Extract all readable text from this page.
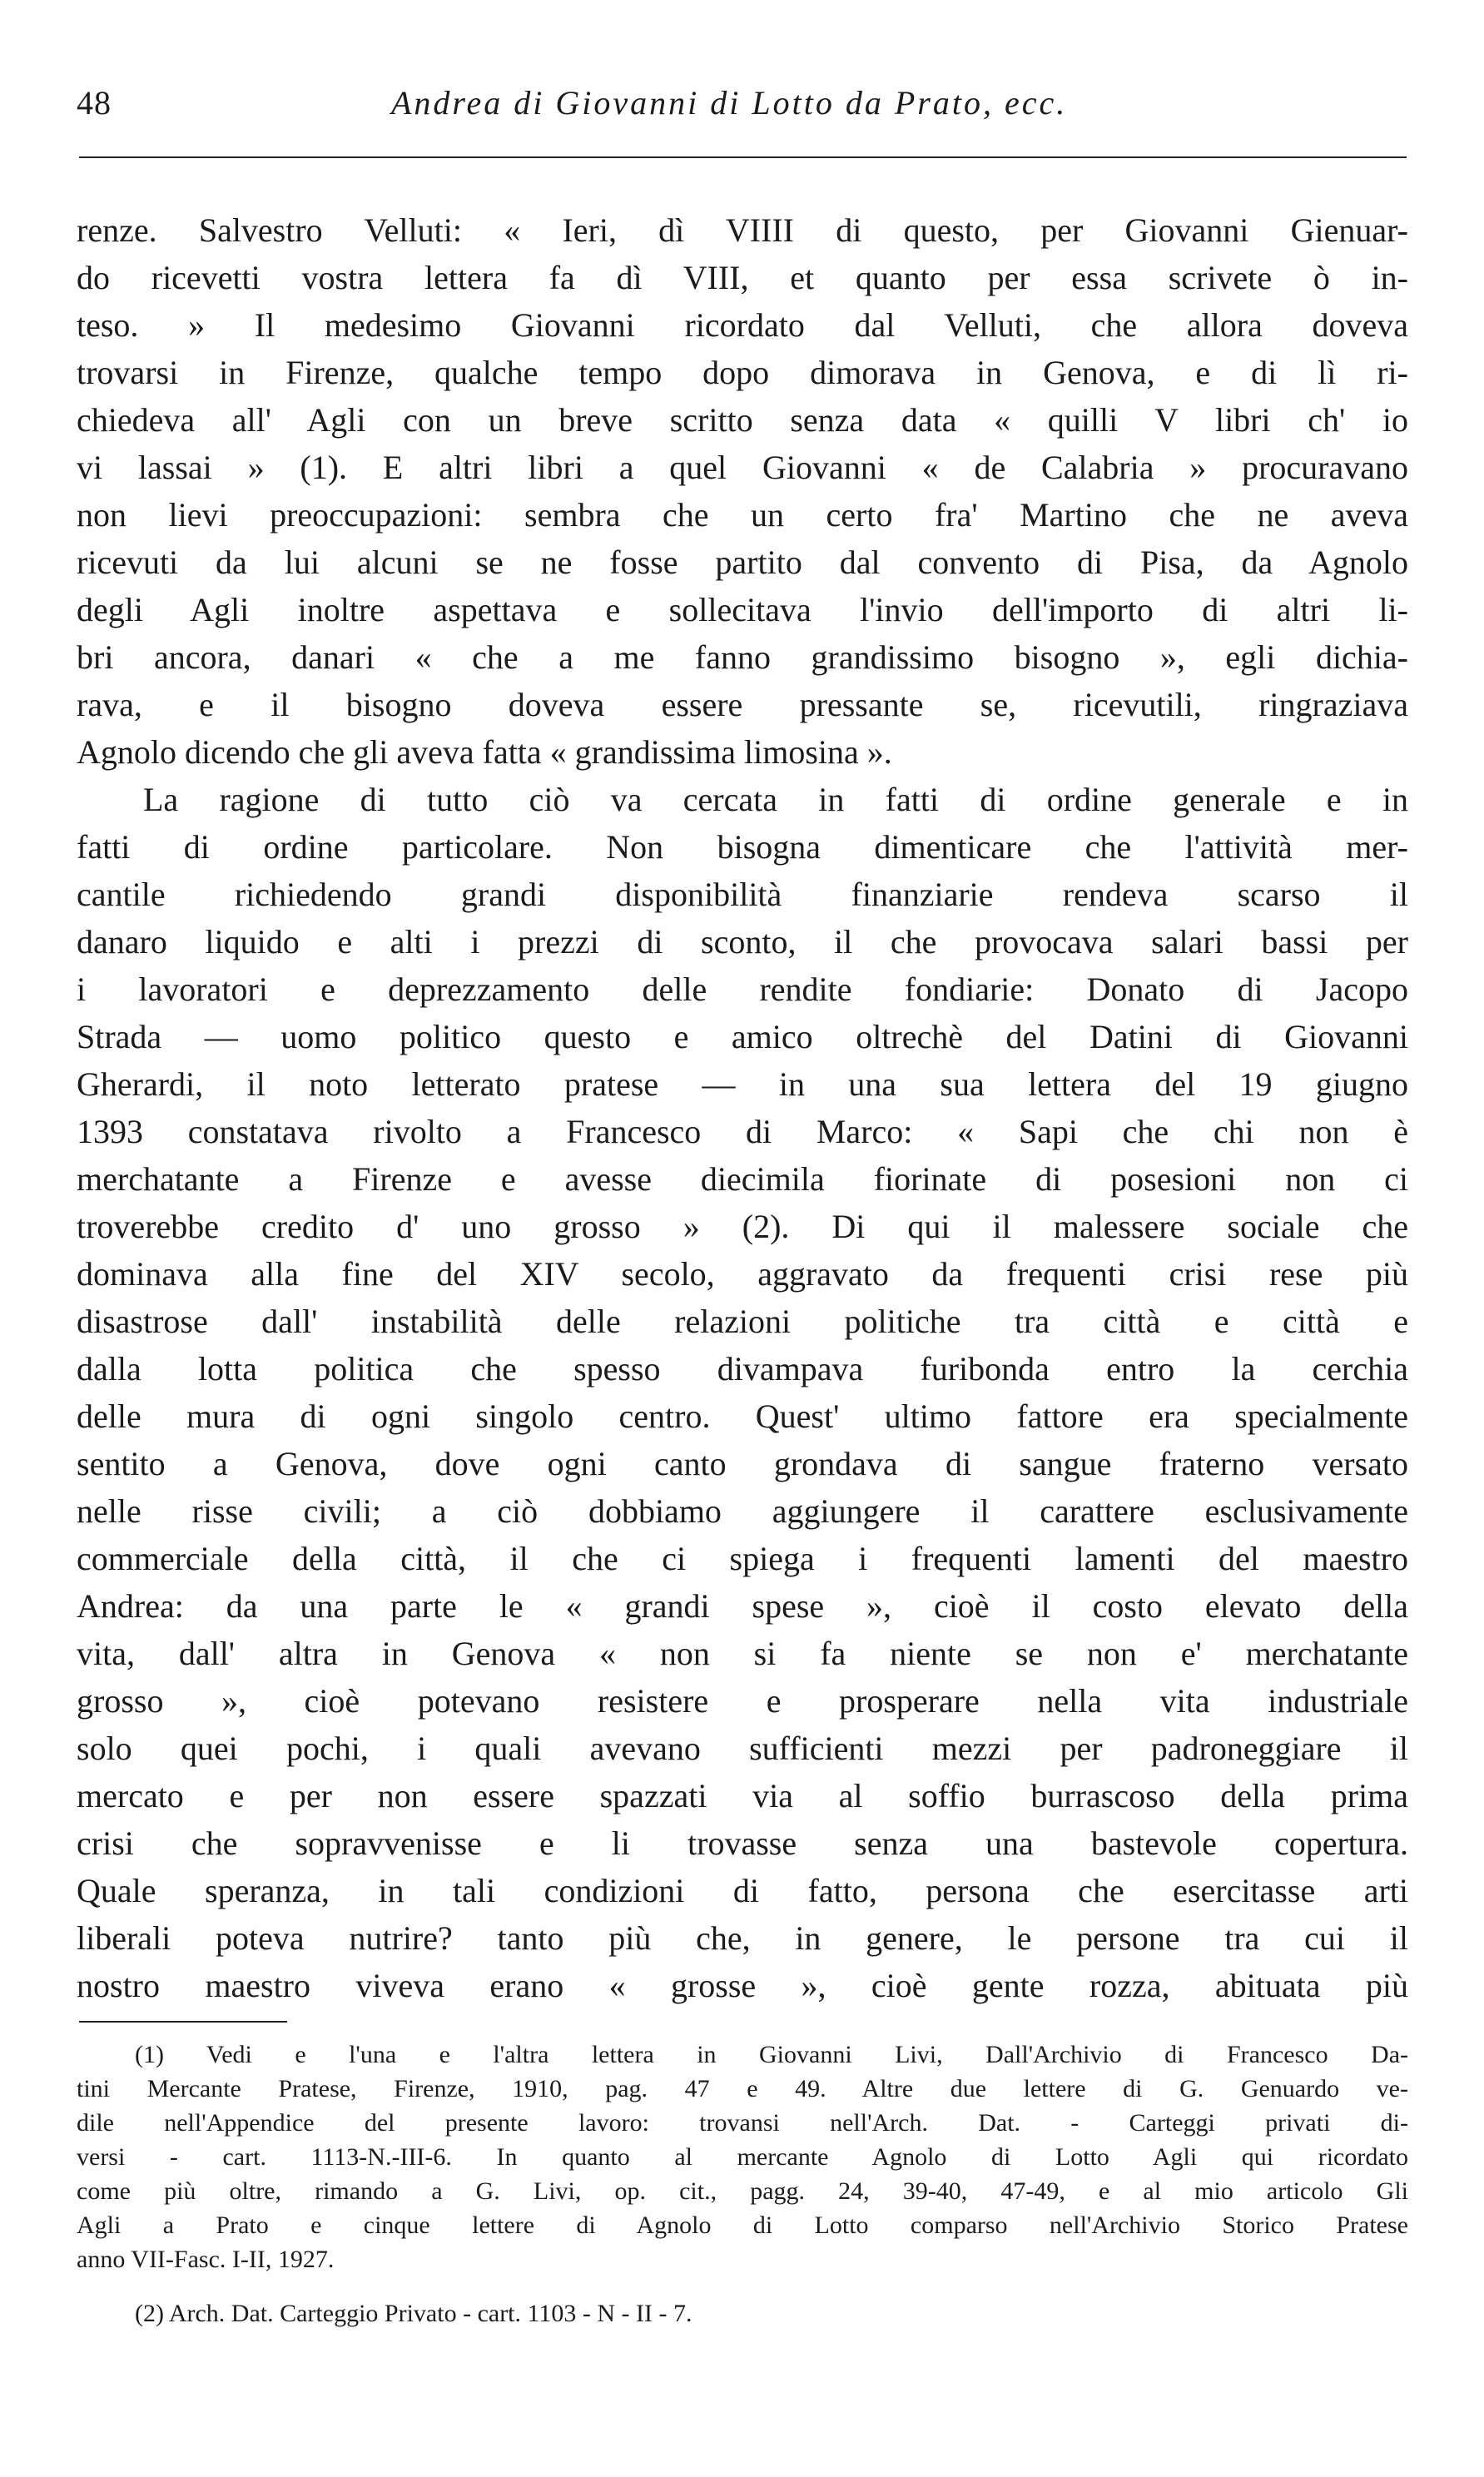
48	Andrea di Giovanni di Lotto da Prato, ecc.
renze. Salvestro Velluti: « Ieri, dì VIIII di questo, per Giovanni Gienuar-
do ricevetti vostra lettera fa dì VIII, et quanto per essa scrivete ò in-
teso. » Il medesimo Giovanni ricordato dal Velluti, che allora doveva
trovarsi in Firenze, qualche tempo dopo dimorava in Genova, e di lì ri-
chiedeva all' Agli con un breve scritto senza data « quilli V libri ch' io
vi lassai » (1). E altri libri a quel Giovanni « de Calabria » procuravano
non lievi preoccupazioni: sembra che un certo fra' Martino che ne aveva
ricevuti da lui alcuni se ne fosse partito dal convento di Pisa, da Agnolo
degli Agli inoltre aspettava e sollecitava l'invio dell'importo di altri li-
bri ancora, danari « che a me fanno grandissimo bisogno », egli dichia-
rava, e il bisogno doveva essere pressante se, ricevutili, ringraziava
Agnolo dicendo che gli aveva fatta « grandissima limosina ».
La ragione di tutto ciò va cercata in fatti di ordine generale e in
fatti di ordine particolare. Non bisogna dimenticare che l'attività mer-
cantile richiedendo grandi disponibilità finanziarie rendeva scarso il
danaro liquido e alti i prezzi di sconto, il che provocava salari bassi per
i lavoratori e deprezzamento delle rendite fondiarie: Donato di Jacopo
Strada — uomo politico questo e amico oltrechè del Datini di Giovanni
Gherardi, il noto letterato pratese — in una sua lettera del 19 giugno
1393 constatava rivolto a Francesco di Marco: « Sapi che chi non è
merchatante a Firenze e avesse diecimila fiorinate di posesioni non ci
troverebbe credito d' uno grosso » (2). Di qui il malessere sociale che
dominava alla fine del XIV secolo, aggravato da frequenti crisi rese più
disastrose dall' instabilità delle relazioni politiche tra città e città e
dalla lotta politica che spesso divampava furibonda entro la cerchia
delle mura di ogni singolo centro. Quest' ultimo fattore era specialmente
sentito a Genova, dove ogni canto grondava di sangue fraterno versato
nelle risse civili; a ciò dobbiamo aggiungere il carattere esclusivamente
commerciale della città, il che ci spiega i frequenti lamenti del maestro
Andrea: da una parte le « grandi spese », cioè il costo elevato della
vita, dall' altra in Genova « non si fa niente se non e' merchatante
grosso », cioè potevano resistere e prosperare nella vita industriale
solo quei pochi, i quali avevano sufficienti mezzi per padroneggiare il
mercato e per non essere spazzati via al soffio burrascoso della prima
crisi che sopravvenisse e li trovasse senza una bastevole copertura.
Quale speranza, in tali condizioni di fatto, persona che esercitasse arti
liberali poteva nutrire? tanto più che, in genere, le persone tra cui il
nostro maestro viveva erano « grosse », cioè gente rozza, abituata più
(1) Vedi e l'una e l'altra lettera in Giovanni Livi, Dall'Archivio di Francesco Da-
tini Mercante Pratese, Firenze, 1910, pag. 47 e 49. Altre due lettere di G. Genuardo ve-
dile nell'Appendice del presente lavoro: trovansi nell'Arch. Dat. - Carteggi privati di-
versi - cart. 1113-N.-III-6. In quanto al mercante Agnolo di Lotto Agli qui ricordato
come più oltre, rimando a G. Livi, op. cit., pagg. 24, 39-40, 47-49, e al mio articolo Gli
Agli a Prato e cinque lettere di Agnolo di Lotto comparso nell'Archivio Storico Pratese
anno VII-Fasc. I-II, 1927.
(2) Arch. Dat. Carteggio Privato - cart. 1103 - N - II - 7.
